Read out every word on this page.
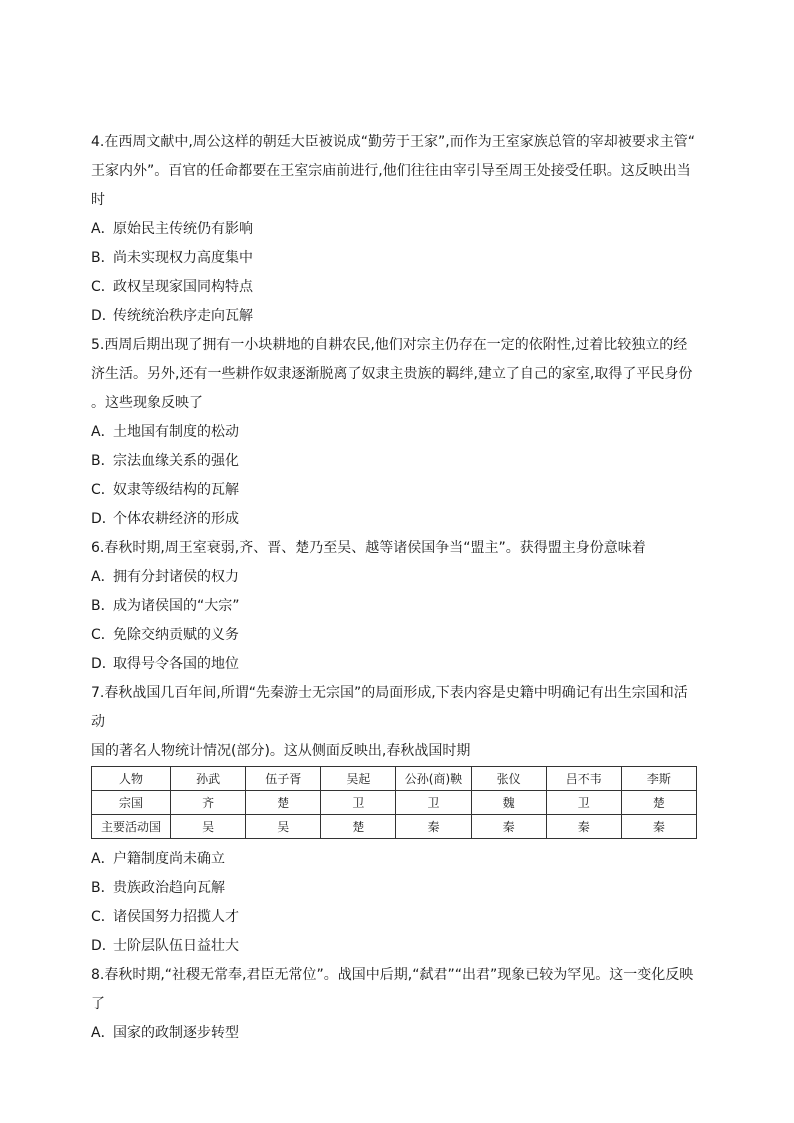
4.在西周文献中,周公这样的朝廷大臣被说成“勤劳于王家”,而作为王室家族总管的宰却被要求主管“

王家内外”。百官的任命都要在王室宗庙前进行,他们往往由宰引导至周王处接受任职。这反映出当

时

A．原始民主传统仍有影响

B．尚未实现权力高度集中

C．政权呈现家国同构特点

D．传统统治秩序走向瓦解

5.西周后期出现了拥有一小块耕地的自耕农民,他们对宗主仍存在一定的依附性,过着比较独立的经

济生活。另外,还有一些耕作奴隶逐渐脱离了奴隶主贵族的羁绊,建立了自己的家室,取得了平民身份

。这些现象反映了

A．土地国有制度的松动

B．宗法血缘关系的强化

C．奴隶等级结构的瓦解

D．个体农耕经济的形成

6.春秋时期,周王室衰弱,齐、晋、楚乃至吴、越等诸侯国争当“盟主”。获得盟主身份意味着

A．拥有分封诸侯的权力

B．成为诸侯国的“大宗”

C．免除交纳贡赋的义务

D．取得号令各国的地位

7.春秋战国几百年间,所谓“先秦游士无宗国”的局面形成,下表内容是史籍中明确记有出生宗国和活动

国的著名人物统计情况(部分)。这从侧面反映出,春秋战国时期

人物	孙武	伍子胥	吴起	公孙(商)鞅	张仪	吕不韦	李斯
宗国	齐	楚	卫	卫	魏	卫	楚
主要活动国	吴	吴	楚	秦	秦	秦	秦

A．户籍制度尚未确立

B．贵族政治趋向瓦解

C．诸侯国努力招揽人才

D．士阶层队伍日益壮大

8.春秋时期,“社稷无常奉,君臣无常位”。战国中后期,“弑君”“出君”现象已较为罕见。这一变化反映

了

A．国家的政制逐步转型
